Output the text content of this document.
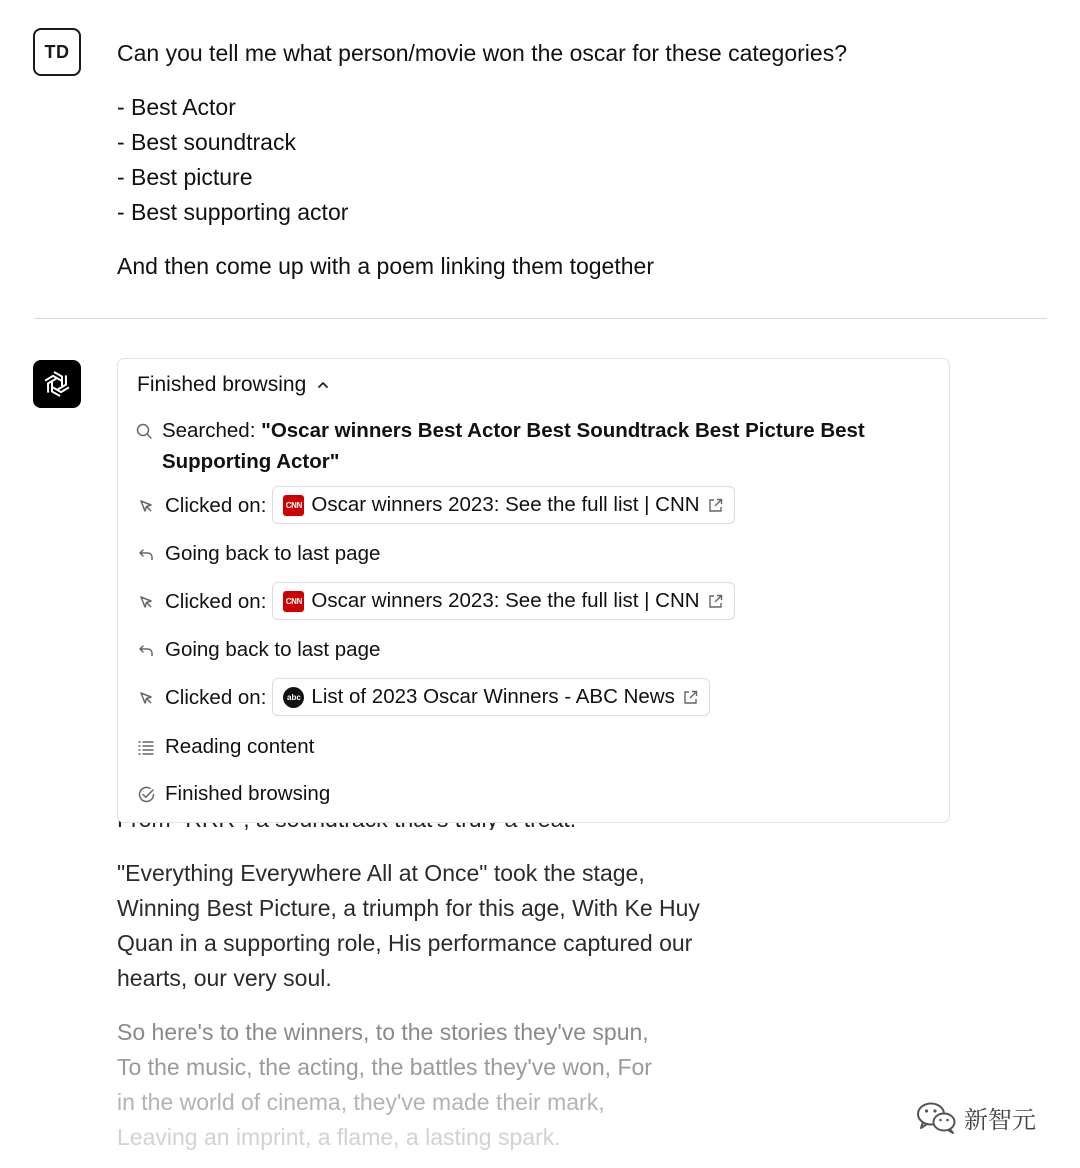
TD Can you tell me what person/movie won the oscar for these categories?
- Best Actor
- Best soundtrack
- Best picture
- Best supporting actor
And then come up with a poem linking them together
"Everything Everywhere All at Once" took the stage,
Winning Best Picture, a triumph for this age, With Ke Huy
Quan in a supporting role, His performance captured our
hearts, our very soul.
So here's to the winners, to the stories they've spun,
To the music, the acting, the battles they've won, For
in the world of cinema, they've made their mark,
Leaving an imprint, a flame, a lasting spark.
Finished browsing
Searched: "Oscar winners Best Actor Best Soundtrack Best Picture Best Supporting Actor"
Clicked on: CNN Oscar winners 2023: See the full list | CNN
Going back to last page
Clicked on: CNN Oscar winners 2023: See the full list | CNN
Going back to last page
Clicked on:	abc List of 2023 Oscar Winners - ABC News
Reading content
Finished browsing
新智元
